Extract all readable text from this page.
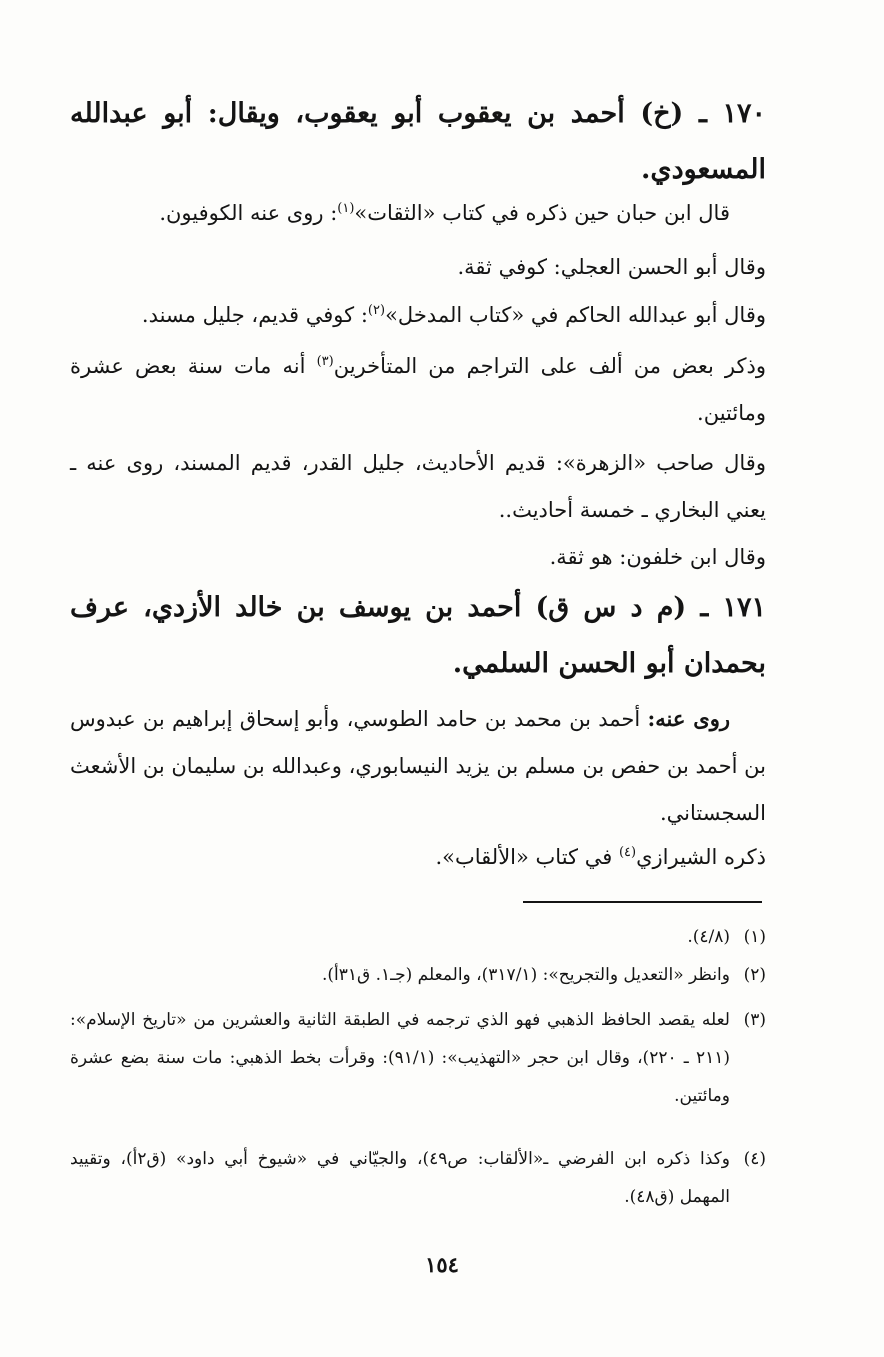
١٧٠ ـ (خ) أحمد بن يعقوب أبو يعقوب، ويقال: أبو عبدالله المسعودي.

قال ابن حبان حين ذكره في كتاب «الثقات»$^{(١)}$: روى عنه الكوفيون.

وقال أبو الحسن العجلي: كوفي ثقة.

وقال أبو عبدالله الحاكم في «كتاب المدخل»$^{(٢)}$: كوفي قديم، جليل مسند.

وذكر بعض من ألف على التراجم من المتأخرين$^{(٣)}$ أنه مات سنة بعض عشرة ومائتين.

وقال صاحب «الزهرة»: قديم الأحاديث، جليل القدر، قديم المسند، روى عنه ـ يعني البخاري ـ خمسة أحاديث..

وقال ابن خلفون: هو ثقة.

١٧١ ـ (م د س ق) أحمد بن يوسف بن خالد الأزدي، عرف بحمدان أبو الحسن السلمي.

روى عنه: أحمد بن محمد بن حامد الطوسي، وأبو إسحاق إبراهيم بن عبدوس بن أحمد بن حفص بن مسلم بن يزيد النيسابوري، وعبدالله بن سليمان بن الأشعث السجستاني.

ذكره الشيرازي$^{(٤)}$ في كتاب «الألقاب».

(١)
(٤/٨).
(٢)
وانظر «التعديل والتجريح»: (٣١٧/١)، والمعلم (جـ١. ق٣١أ).
(٣)
لعله يقصد الحافظ الذهبي فهو الذي ترجمه في الطبقة الثانية والعشرين من «تاريخ الإسلام»: (٢١١ ـ ٢٢٠)، وقال ابن حجر «التهذيب»: (٩١/١): وقرأت بخط الذهبي: مات سنة بضع عشرة ومائتين.
(٤)
وكذا ذكره ابن الفرضي ـ«الألقاب: ص٤٩)، والجيّاني في «شيوخ أبي داود» (ق٢أ)، وتقييد المهمل (ق٤٨).
١٥٤
